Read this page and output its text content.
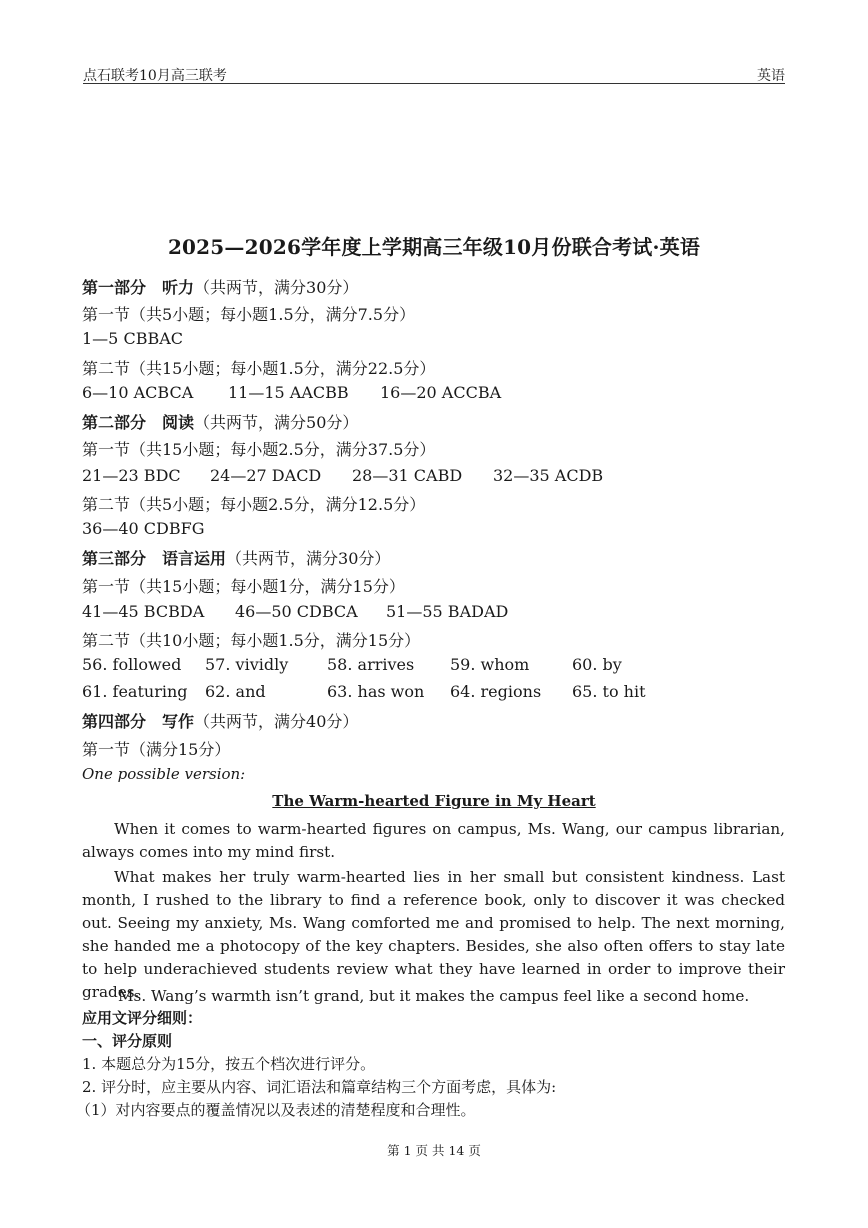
点石联考10月高三联考	英语
2025—2026学年度上学期高三年级10月份联合考试·英语
第一部分　听力（共两节，满分30分）
第一节（共5小题；每小题1.5分，满分7.5分）
1—5 CBBAC
第二节（共15小题；每小题1.5分，满分22.5分）
6—10 ACBCA 11—15 AACBB 16—20 ACCBA
第二部分　阅读（共两节，满分50分）
第一节（共15小题；每小题2.5分，满分37.5分）
21—23 BDC 24—27 DACD 28—31 CABD 32—35 ACDB
第二节（共5小题；每小题2.5分，满分12.5分）
36—40 CDBFG
第三部分　语言运用（共两节，满分30分）
第一节（共15小题；每小题1分，满分15分）
41—45 BCBDA 46—50 CDBCA 51—55 BADAD
第二节（共10小题；每小题1.5分，满分15分）
56. followed 57. vividly 58. arrives 59. whom	60. by
61. featuring 62. and	63. has won 64. regions 65. to hit
第四部分　写作（共两节，满分40分）
第一节（满分15分）
One possible version:
The Warm-hearted Figure in My Heart
When it comes to warm-hearted figures on campus, Ms. Wang, our campus librarian, always comes into my mind first.
What makes her truly warm-hearted lies in her small but consistent kindness. Last month, I rushed to the library to find a reference book, only to discover it was checked out. Seeing my anxiety, Ms. Wang comforted me and promised to help. The next morning, she handed me a photocopy of the key chapters. Besides, she also often offers to stay late to help underachieved students review what they have learned in order to improve their grades.
Ms. Wang’s warmth isn’t grand, but it makes the campus feel like a second home.
应用文评分细则：
一、评分原则
1. 本题总分为15分，按五个档次进行评分。
2. 评分时，应主要从内容、词汇语法和篇章结构三个方面考虑，具体为:
（1）对内容要点的覆盖情况以及表述的清楚程度和合理性。
第 1 页 共 14 页
